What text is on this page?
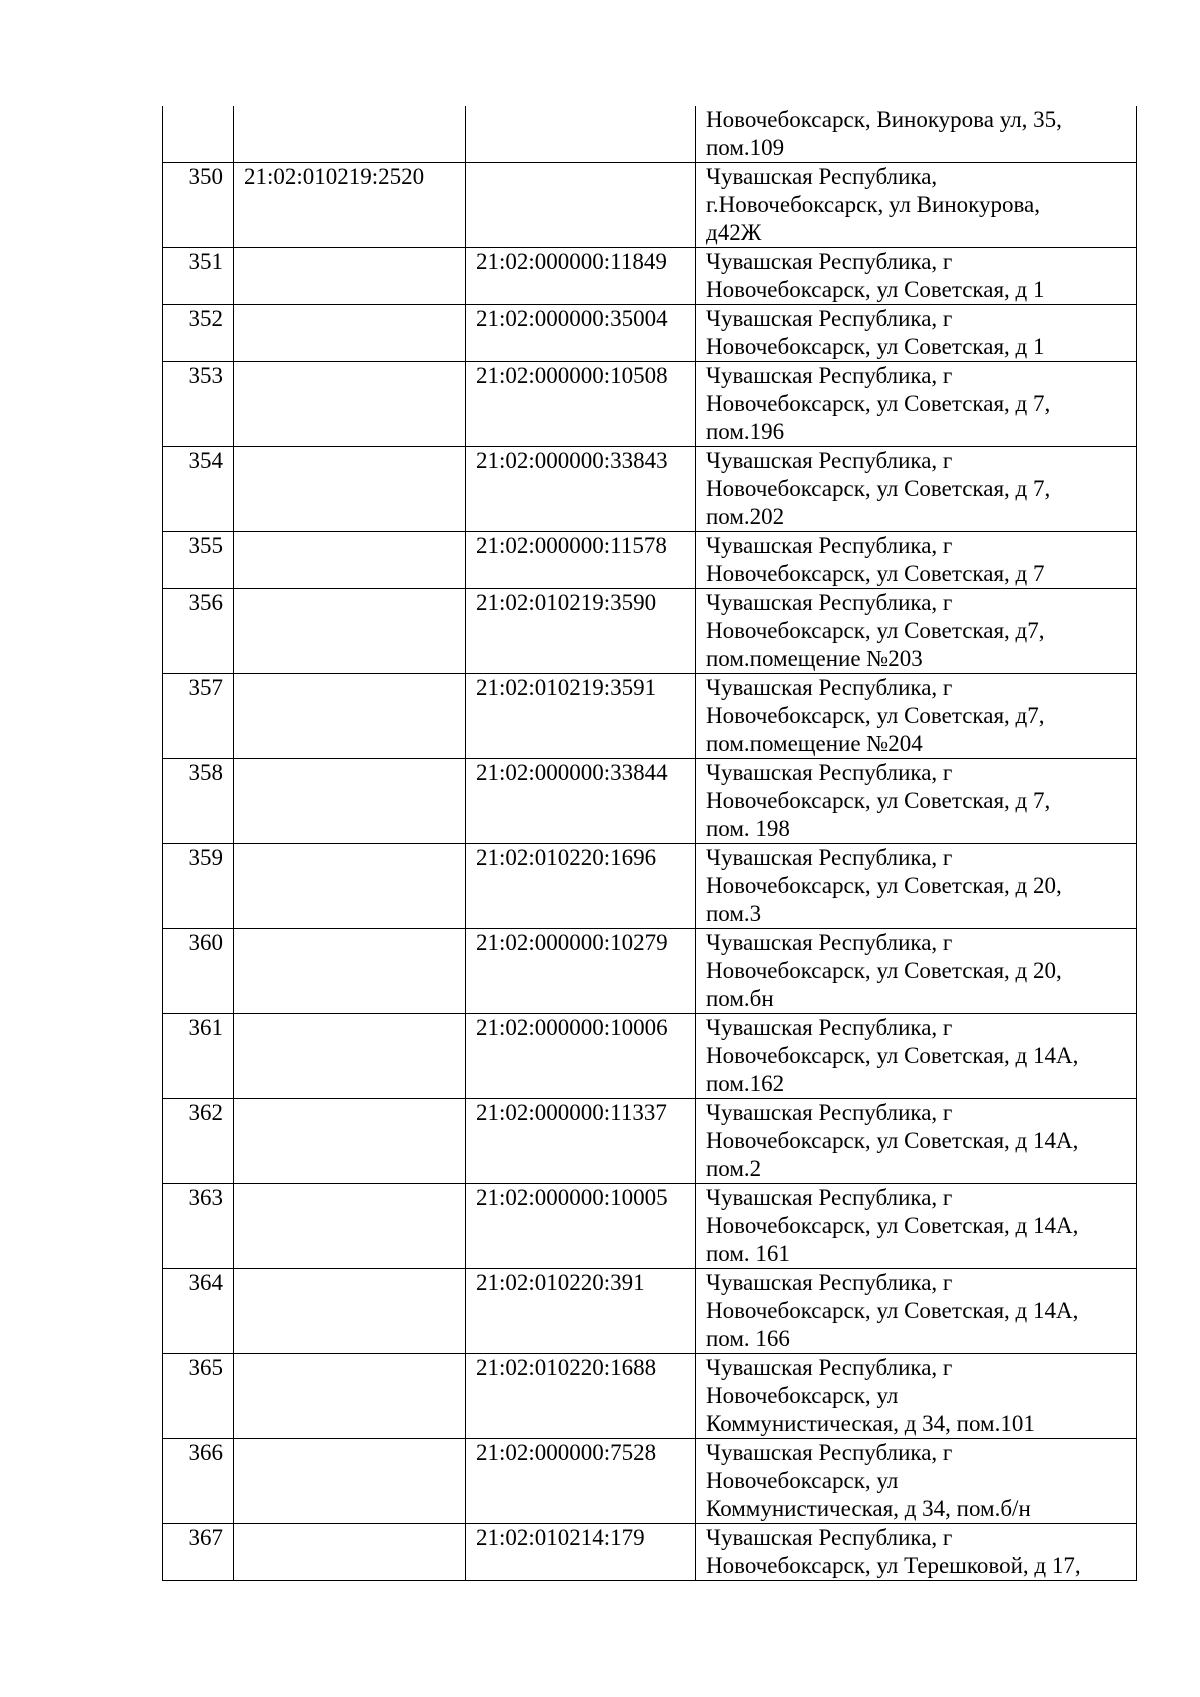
			Новочебоксарск, Винокурова ул, 35,
пом.109

350	21:02:010219:2520		Чувашская Республика,
г.Новочебоксарск, ул Винокурова,
д42Ж

351		21:02:000000:11849	Чувашская Республика, г
Новочебоксарск, ул Советская, д 1

352		21:02:000000:35004	Чувашская Республика, г
Новочебоксарск, ул Советская, д 1

353		21:02:000000:10508	Чувашская Республика, г
Новочебоксарск, ул Советская, д 7,
пом.196

354		21:02:000000:33843	Чувашская Республика, г
Новочебоксарск, ул Советская, д 7,
пом.202

355		21:02:000000:11578	Чувашская Республика, г
Новочебоксарск, ул Советская, д 7

356		21:02:010219:3590	Чувашская Республика, г
Новочебоксарск, ул Советская, д7,
пом.помещение №203

357		21:02:010219:3591	Чувашская Республика, г
Новочебоксарск, ул Советская, д7,
пом.помещение №204

358		21:02:000000:33844	Чувашская Республика, г
Новочебоксарск, ул Советская, д 7,
пом. 198

359		21:02:010220:1696	Чувашская Республика, г
Новочебоксарск, ул Советская, д 20,
пом.3

360		21:02:000000:10279	Чувашская Республика, г
Новочебоксарск, ул Советская, д 20,
пом.бн

361		21:02:000000:10006	Чувашская Республика, г
Новочебоксарск, ул Советская, д 14А,
пом.162

362		21:02:000000:11337	Чувашская Республика, г
Новочебоксарск, ул Советская, д 14А,
пом.2

363		21:02:000000:10005	Чувашская Республика, г
Новочебоксарск, ул Советская, д 14А,
пом. 161

364		21:02:010220:391	Чувашская Республика, г
Новочебоксарск, ул Советская, д 14А,
пом. 166

365		21:02:010220:1688	Чувашская Республика, г
Новочебоксарск, ул
Коммунистическая, д 34, пом.101

366		21:02:000000:7528	Чувашская Республика, г
Новочебоксарск, ул
Коммунистическая, д 34, пом.б/н

367		21:02:010214:179	Чувашская Республика, г
Новочебоксарск, ул Терешковой, д 17,
